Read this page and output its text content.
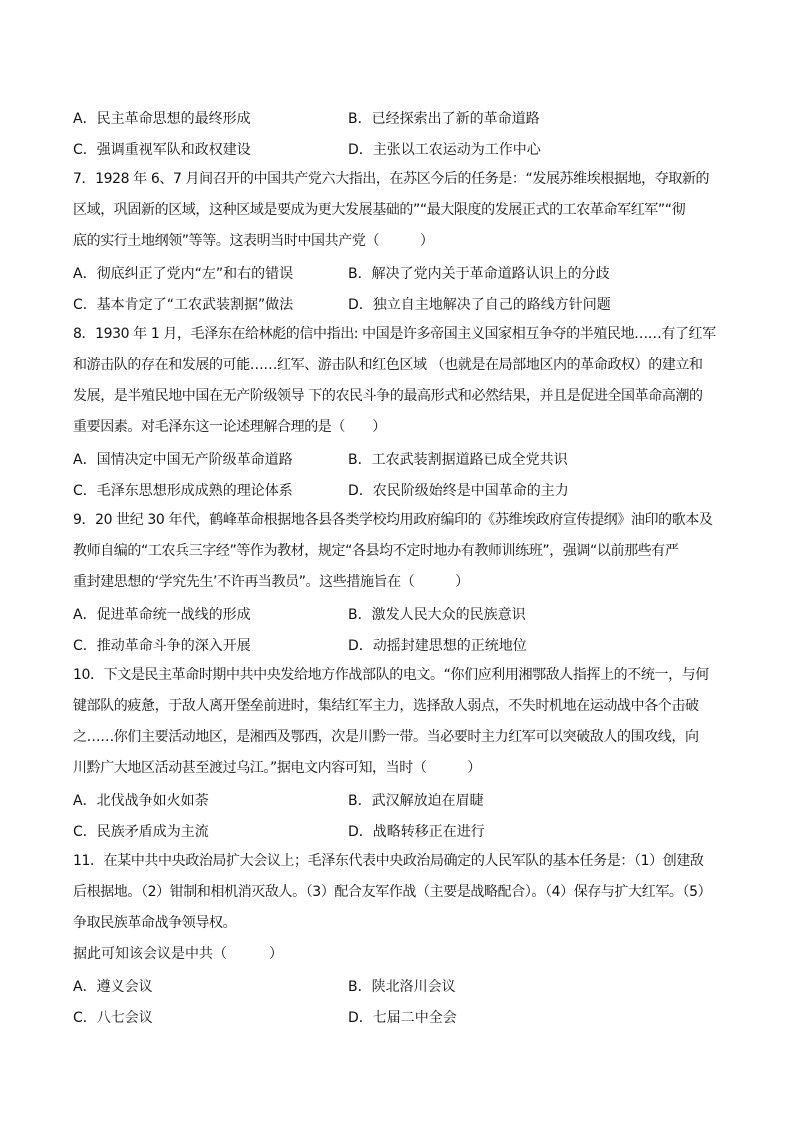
A．民主革命思想的最终形成	B．已经探索出了新的革命道路
C．强调重视军队和政权建设	D．主张以工农运动为工作中心
7．1928 年 6、7 月间召开的中国共产党六大指出，在苏区今后的任务是：“发展苏维埃根据地，夺取新的
区域，巩固新的区域，这种区域是要成为更大发展基础的”“最大限度的发展正式的工农革命军红军”“彻
底的实行土地纲领”等等。这表明当时中国共产党（　　　）
A．彻底纠正了党内“左”和右的错误	B．解决了党内关于革命道路认识上的分歧
C．基本肯定了“工农武装割据”做法	D．独立自主地解决了自己的路线方针问题
8．1930 年 1 月，毛泽东在给林彪的信中指出: 中国是许多帝国主义国家相互争夺的半殖民地……有了红军
和游击队的存在和发展的可能……红军、游击队和红色区域 （也就是在局部地区内的革命政权）的建立和
发展，是半殖民地中国在无产阶级领导 下的农民斗争的最高形式和必然结果，并且是促进全国革命高潮的
重要因素。对毛泽东这一论述理解合理的是（　　）
A．国情决定中国无产阶级革命道路	B．工农武装割据道路已成全党共识
C．毛泽东思想形成成熟的理论体系	D．农民阶级始终是中国革命的主力
9．20 世纪 30 年代，鹤峰革命根据地各县各类学校均用政府编印的《苏维埃政府宣传提纲》油印的歌本及
教师自编的“工农兵三字经”等作为教材，规定“各县均不定时地办有教师训练班”，强调“以前那些有严
重封建思想的‘学究先生’不许再当教员”。这些措施旨在（　　　）
A．促进革命统一战线的形成	B．激发人民大众的民族意识
C．推动革命斗争的深入开展	D．动摇封建思想的正统地位
10．下文是民主革命时期中共中央发给地方作战部队的电文。“你们应利用湘鄂敌人指挥上的不统一，与何
键部队的疲惫，于敌人离开堡垒前进时，集结红军主力，选择敌人弱点，不失时机地在运动战中各个击破
之……你们主要活动地区，是湘西及鄂西，次是川黔一带。当必要时主力红军可以突破敌人的围攻线，向
川黔广大地区活动甚至渡过乌江。”据电文内容可知，当时（　　　）
A．北伐战争如火如荼	B．武汉解放迫在眉睫
C．民族矛盾成为主流	D．战略转移正在进行
11．在某中共中央政治局扩大会议上；毛泽东代表中央政治局确定的人民军队的基本任务是：（1）创建敌
后根据地。（2）钳制和相机消灭敌人。（3）配合友军作战（主要是战略配合）。（4）保存与扩大红军。（5）
争取民族革命战争领导权。
据此可知该会议是中共（　　　）
A．遵义会议	B．陕北洛川会议
C．八七会议	D．七届二中全会
